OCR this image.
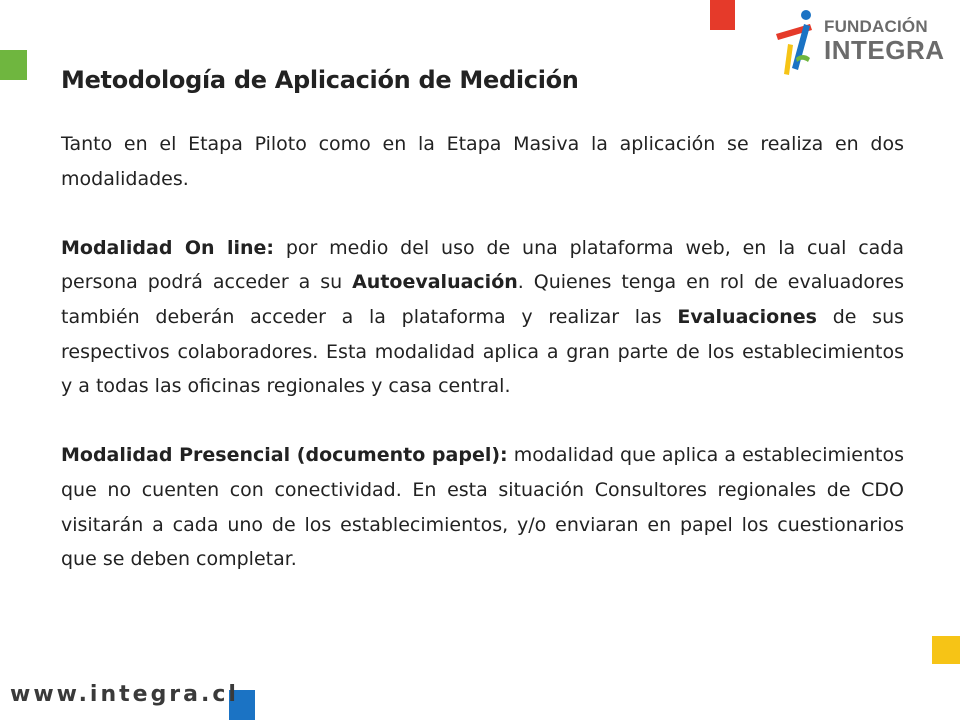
FUNDACIÓN
INTEGRA
Metodología de Aplicación de Medición

Tanto en el Etapa Piloto como en la Etapa Masiva la aplicación se realiza en dos modalidades.

Modalidad On line: por medio del uso de una plataforma web, en la cual cada persona podrá acceder a su Autoevaluación. Quienes tenga en rol de evaluadores también deberán acceder a la plataforma y realizar las Evaluaciones de sus respectivos colaboradores. Esta modalidad aplica a gran parte de los establecimientos y a todas las oficinas regionales y casa central.

Modalidad Presencial (documento papel): modalidad que aplica a establecimientos que no cuenten con conectividad. En esta situación Consultores regionales de CDO visitarán a cada uno de los establecimientos, y/o enviaran en papel los cuestionarios que se deben completar.

www.integra.cl
